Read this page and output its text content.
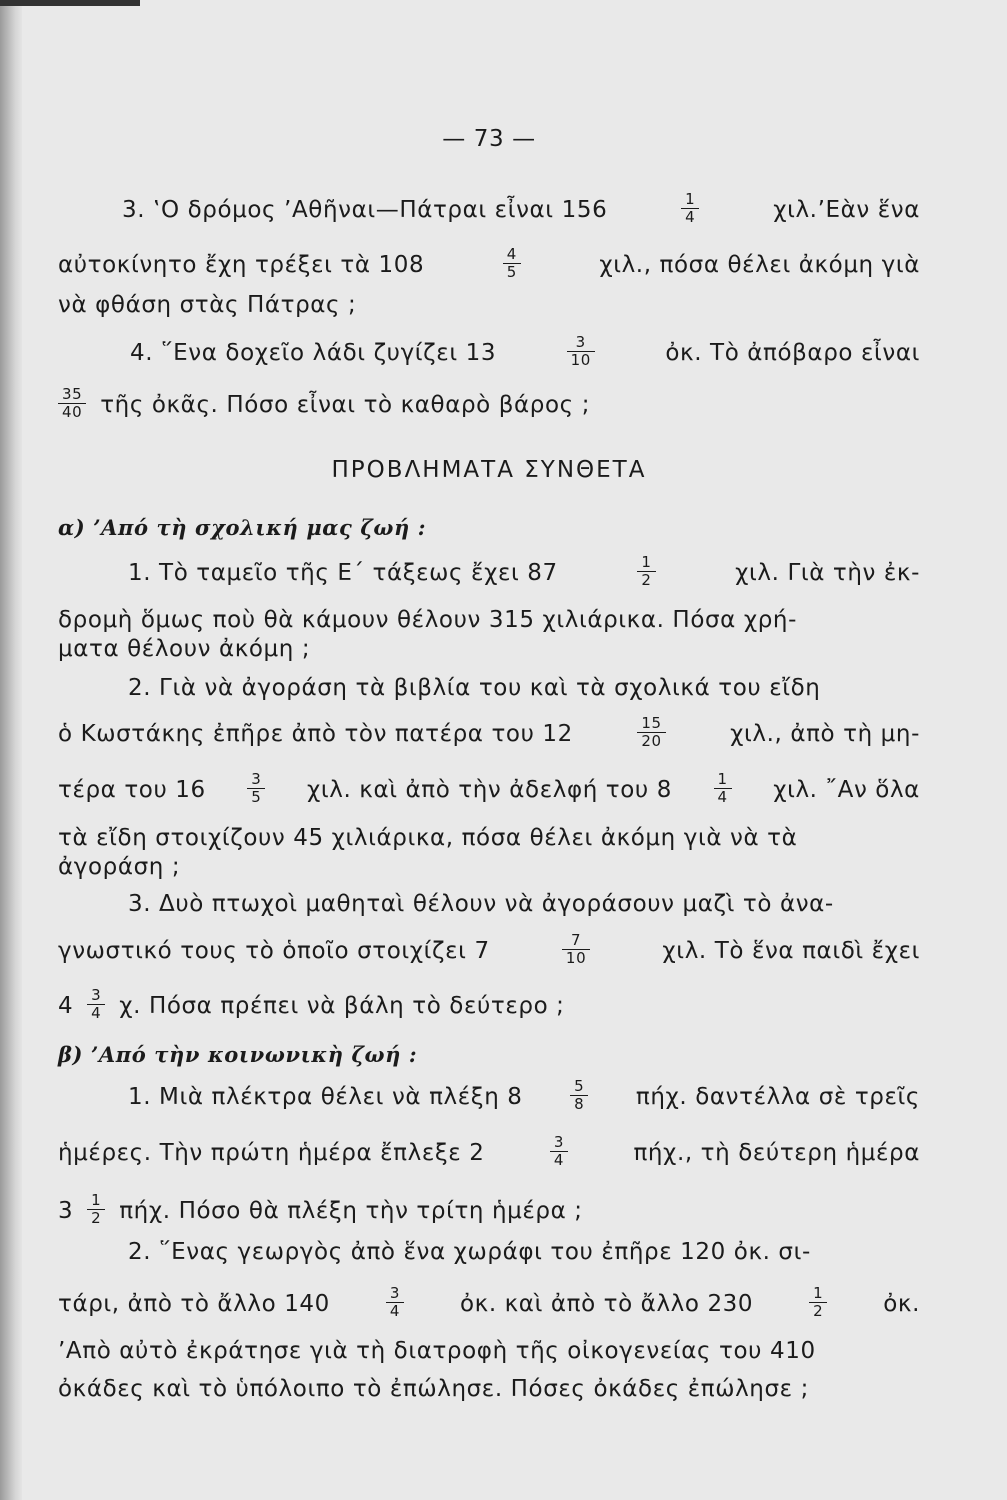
— 73 —
3. ‛Ο δρόμος ’Αθῆναι—Πάτραι εἶναι 156	$\frac{1}{4}$	χιλ.’Εὰν ἕνα
αὐτοκίνητο ἔχη τρέξει τὰ 108	$\frac{4}{5}$	χιλ., πόσα θέλει ἀκόμη γιὰ
νὰ φθάση στὰς Πάτρας ;
4. ῞Ενα δοχεῖο λάδι ζυγίζει 13	$\frac{3}{10}$	ὀκ. Τὸ ἀπόβαρο εἶναι
$\frac{35}{40}$ τῆς ὀκᾶς. Πόσο εἶναι τὸ καθαρὸ βάρος ;
ΠΡΟΒΛΗΜΑΤΑ ΣΥΝΘΕΤΑ
α) ’Από τὴ σχολική μας ζωή :
1. Τὸ ταμεῖο τῆς Ε΄ τάξεως ἔχει 87	$\frac{1}{2}$	χιλ. Γιὰ τὴν ἐκ-
δρομὴ ὅμως ποὺ θὰ κάμουν θέλουν 315 χιλιάρικα. Πόσα χρή-
ματα θέλουν ἀκόμη ;
2. Γιὰ νὰ ἀγοράση τὰ βιβλία του καὶ τὰ σχολικά του εἴδη
ὁ Κωστάκης ἐπῆρε ἀπὸ τὸν πατέρα του 12	$\frac{15}{20}$	χιλ., ἀπὸ τὴ μη-
τέρα του 16	$\frac{3}{5} \chi\iota\lambda$. καὶ ἀπὸ τὴν ἀδελφή του 8	$\frac{1}{4} \chi\iota\lambda$. ῎Αν ὅλα
τὰ εἴδη στοιχίζουν 45 χιλιάρικα, πόσα θέλει ἀκόμη γιὰ νὰ τὰ
ἀγοράση ;
3. Δυὸ πτωχοὶ μαθηταὶ θέλουν νὰ ἀγοράσουν μαζὶ τὸ ἀνα-
γνωστικό τους τὸ ὁποῖο στοιχίζει 7	$\frac{7}{10}$	χιλ. Τὸ ἕνα παιδὶ ἔχει
$4 \frac{3}{4} \chi$. Πόσα πρέπει νὰ βάλη τὸ δεύτερο ;
β) ’Από τὴν κοινωνικὴ ζωή :
1. Μιὰ πλέκτρα θέλει νὰ πλέξη 8	$\frac{5}{8} \pi ή\chi$. δαντέλλα σὲ τρεῖς
ἡμέρες. Τὴν πρώτη ἡμέρα ἔπλεξε 2	$\frac{3}{4}$	πήχ., τὴ δεύτερη ἡμέρα
$3 \frac{1}{2} \pi ή\chi$. Πόσο θὰ πλέξη τὴν τρίτη ἡμέρα ;
2. ῞Ενας γεωργὸς ἀπὸ ἕνα χωράφι του ἐπῆρε 120 ὀκ. σι-
τάρι, ἀπὸ τὸ ἄλλο 140	$\frac{3}{4}$ ὀκ. καὶ ἀπὸ τὸ ἄλλο 230	$\frac{1}{2}$ ὀκ.
’Απὸ αὐτὸ ἐκράτησε γιὰ τὴ διατροφὴ τῆς οἰκογενείας του 410
ὀκάδες καὶ τὸ ὑπόλοιπο τὸ ἐπώλησε. Πόσες ὀκάδες ἐπώλησε ;
